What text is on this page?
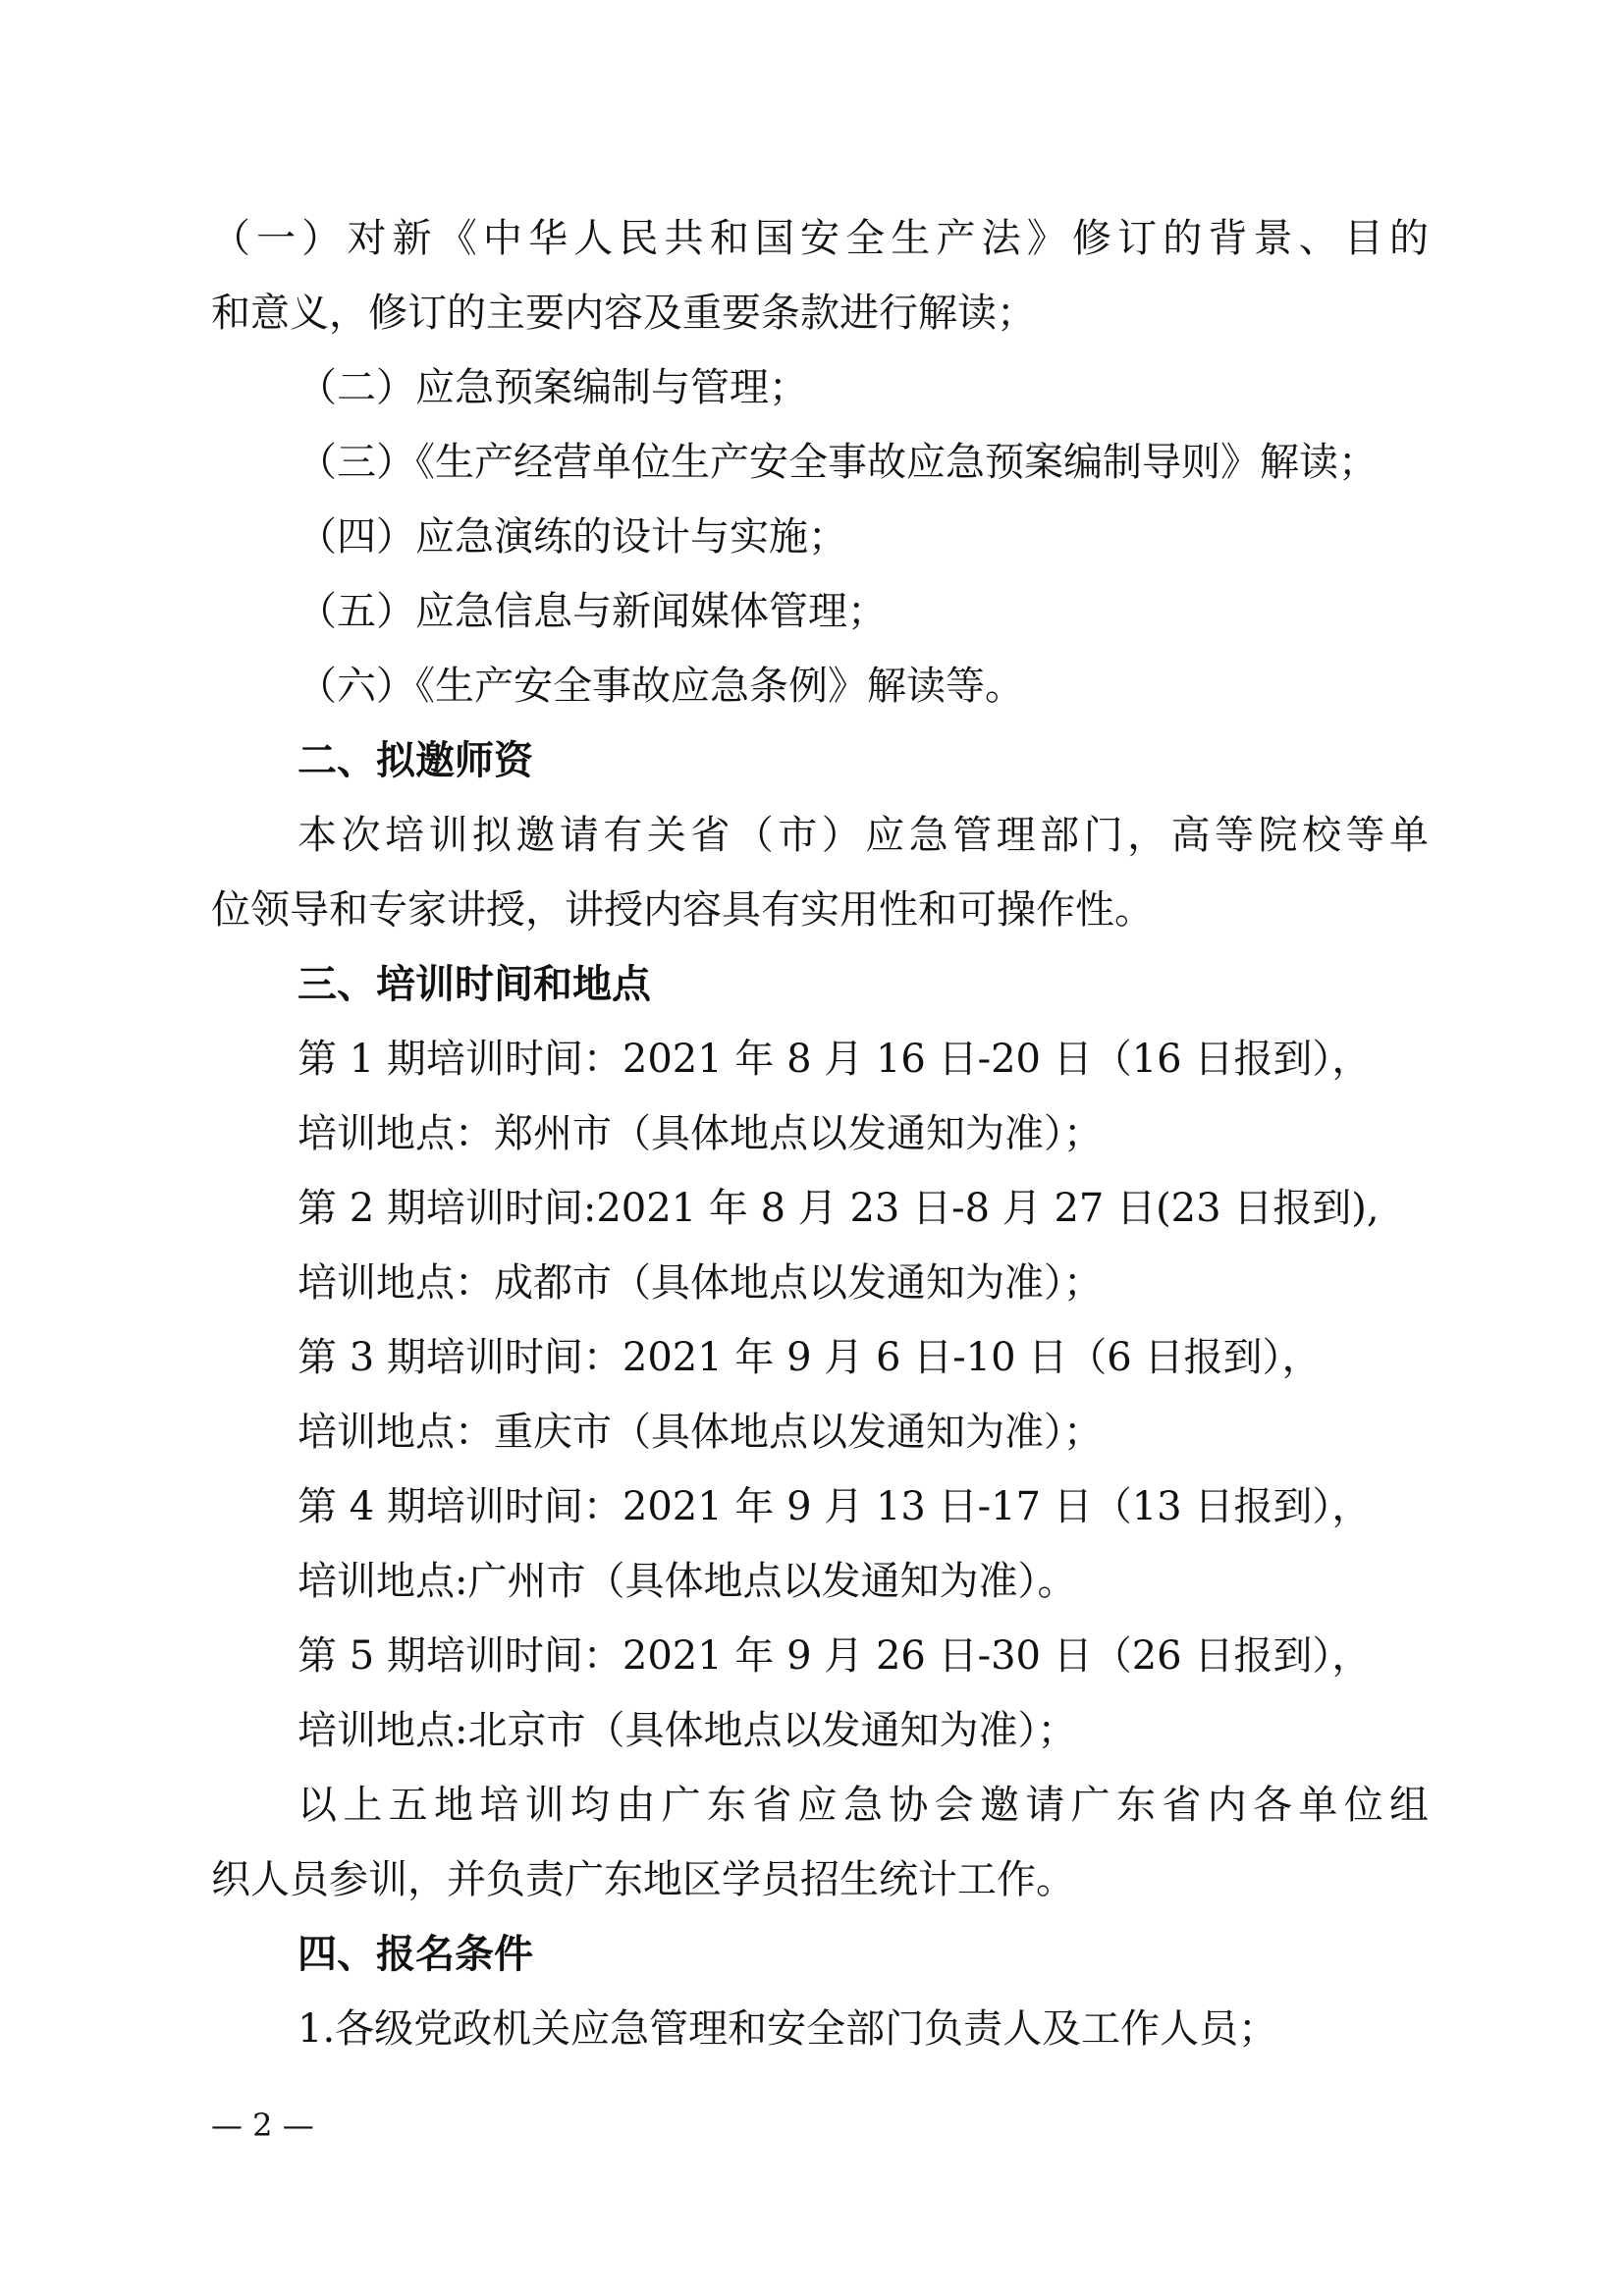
（一）对新《中华人民共和国安全生产法》修订的背景、目的
和意义，修订的主要内容及重要条款进行解读；
（二）应急预案编制与管理；
（三）《生产经营单位生产安全事故应急预案编制导则》解读；
（四）应急演练的设计与实施；
（五）应急信息与新闻媒体管理；
（六）《生产安全事故应急条例》解读等。
二、拟邀师资
本次培训拟邀请有关省（市）应急管理部门，高等院校等单
位领导和专家讲授，讲授内容具有实用性和可操作性。
三、培训时间和地点
第 1 期培训时间：2021 年 8 月 16 日-20 日（16 日报到），
培训地点：郑州市（具体地点以发通知为准）；
第 2 期培训时间:2021 年 8 月 23 日-8 月 27 日(23 日报到),
培训地点：成都市（具体地点以发通知为准）；
第 3 期培训时间：2021 年 9 月 6 日-10 日（6 日报到），
培训地点：重庆市（具体地点以发通知为准）；
第 4 期培训时间：2021 年 9 月 13 日-17 日（13 日报到），
培训地点:广州市（具体地点以发通知为准）。
第 5 期培训时间：2021 年 9 月 26 日-30 日（26 日报到），
培训地点:北京市（具体地点以发通知为准）；
以上五地培训均由广东省应急协会邀请广东省内各单位组
织人员参训，并负责广东地区学员招生统计工作。
四、报名条件
1.各级党政机关应急管理和安全部门负责人及工作人员；
— 2 —
